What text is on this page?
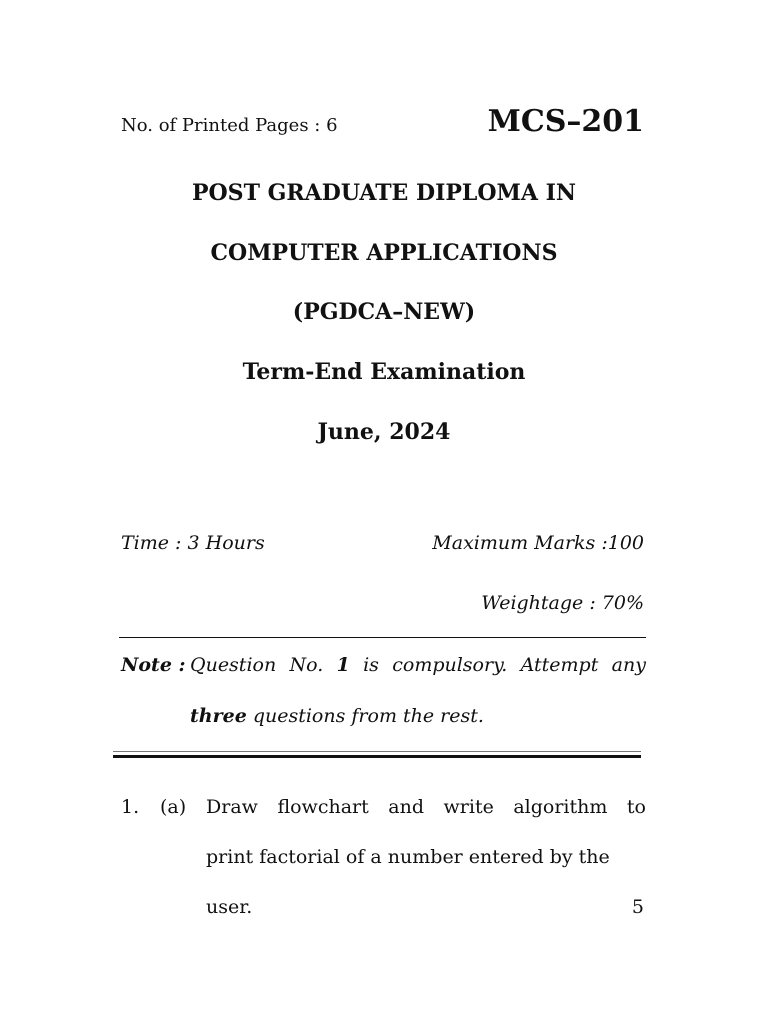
No. of Printed Pages : 6	MCS–201
POST GRADUATE DIPLOMA IN
COMPUTER APPLICATIONS
(PGDCA–NEW)
Term-End Examination
June, 2024
Time : 3 Hours	Maximum Marks :100
Weightage : 70%
Note : Question No. 1 is compulsory. Attempt any
three questions from the rest.
1. (a) Draw flowchart and write algorithm to
print factorial of a number entered by the
user.	5
